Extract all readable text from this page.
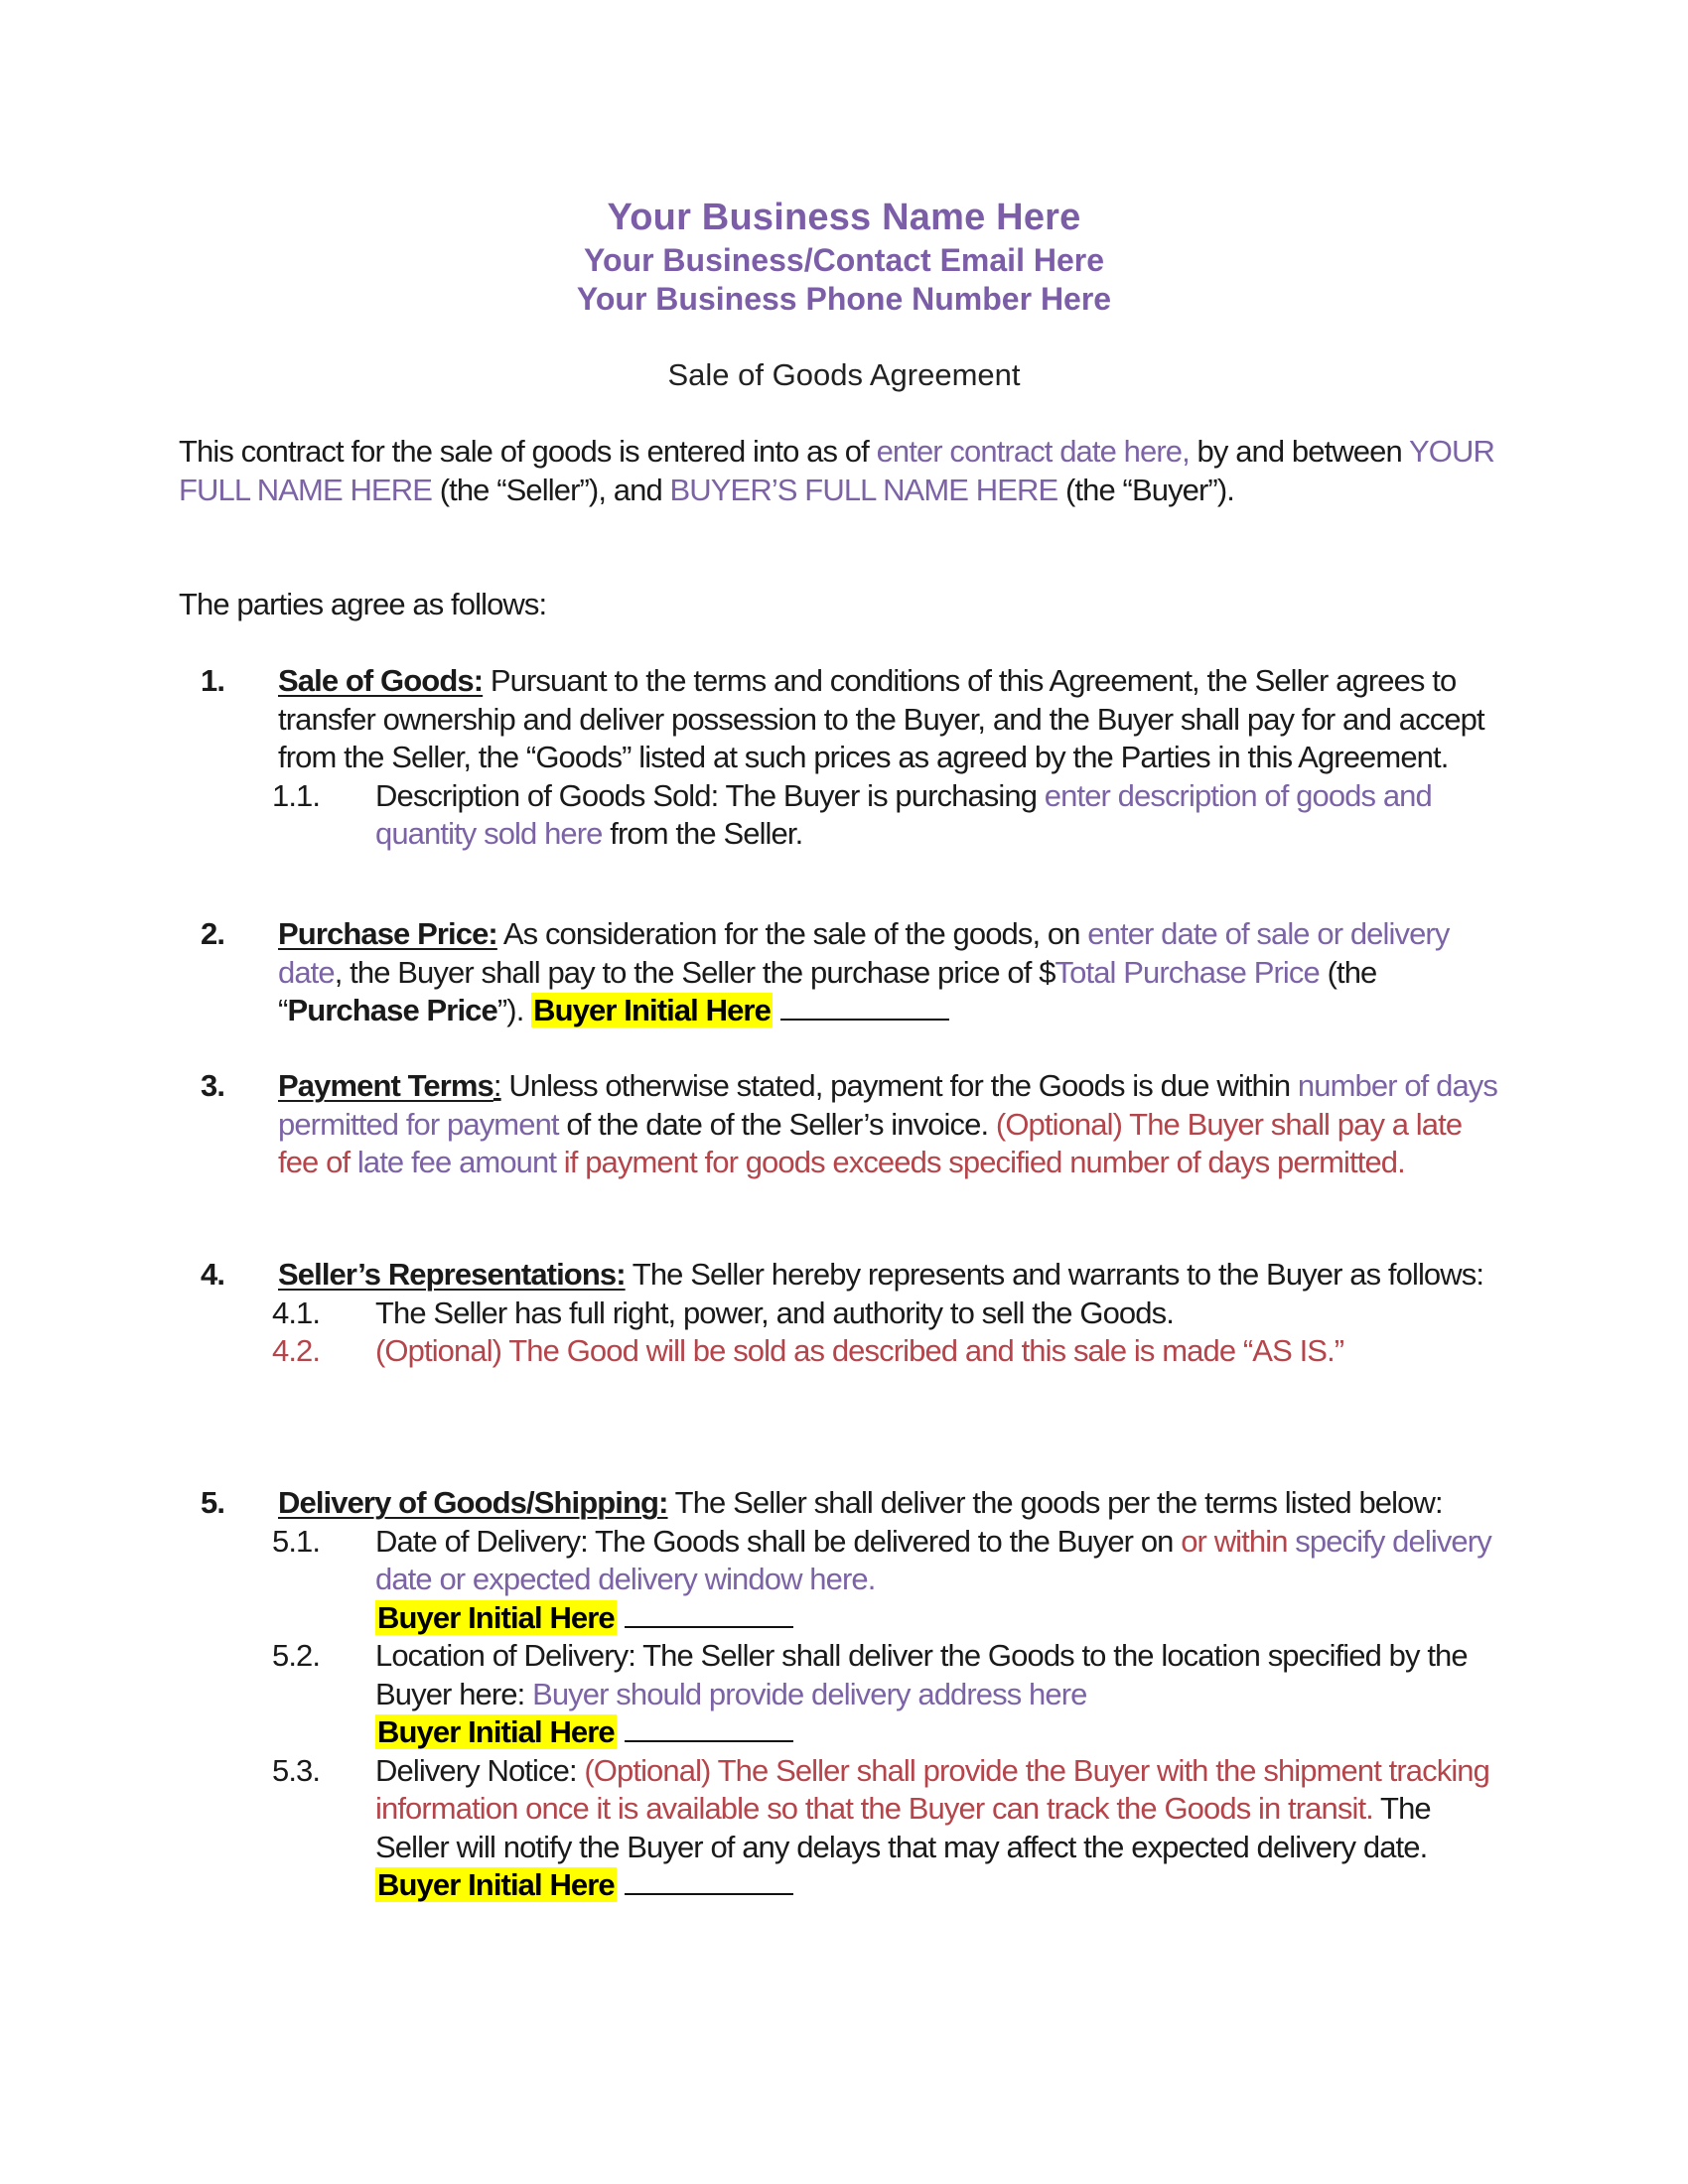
Your Business Name Here
Your Business/Contact Email Here
Your Business Phone Number Here
Sale of Goods Agreement
This contract for the sale of goods is entered into as of enter contract date here, by and between YOUR FULL NAME HERE (the “Seller”), and BUYER’S FULL NAME HERE (the “Buyer”).
The parties agree as follows:
1. Sale of Goods: Pursuant to the terms and conditions of this Agreement, the Seller agrees to transfer ownership and deliver possession to the Buyer, and the Buyer shall pay for and accept from the Seller, the “Goods” listed at such prices as agreed by the Parties in this Agreement.
1.1. Description of Goods Sold: The Buyer is purchasing enter description of goods and quantity sold here from the Seller.
2. Purchase Price: As consideration for the sale of the goods, on enter date of sale or delivery date, the Buyer shall pay to the Seller the purchase price of $Total Purchase Price (the “Purchase Price”). Buyer Initial Here
3. Payment Terms: Unless otherwise stated, payment for the Goods is due within number of days permitted for payment of the date of the Seller’s invoice. (Optional) The Buyer shall pay a late fee of late fee amount if payment for goods exceeds specified number of days permitted.
4. Seller’s Representations: The Seller hereby represents and warrants to the Buyer as follows:
4.1. The Seller has full right, power, and authority to sell the Goods.
4.2. (Optional) The Good will be sold as described and this sale is made “AS IS.”
5. Delivery of Goods/Shipping: The Seller shall deliver the goods per the terms listed below:
5.1. Date of Delivery: The Goods shall be delivered to the Buyer on or within specify delivery date or expected delivery window here.
Buyer Initial Here
5.2. Location of Delivery: The Seller shall deliver the Goods to the location specified by the Buyer here: Buyer should provide delivery address here
Buyer Initial Here
5.3. Delivery Notice: (Optional) The Seller shall provide the Buyer with the shipment tracking information once it is available so that the Buyer can track the Goods in transit. The Seller will notify the Buyer of any delays that may affect the expected delivery date. Buyer Initial Here
